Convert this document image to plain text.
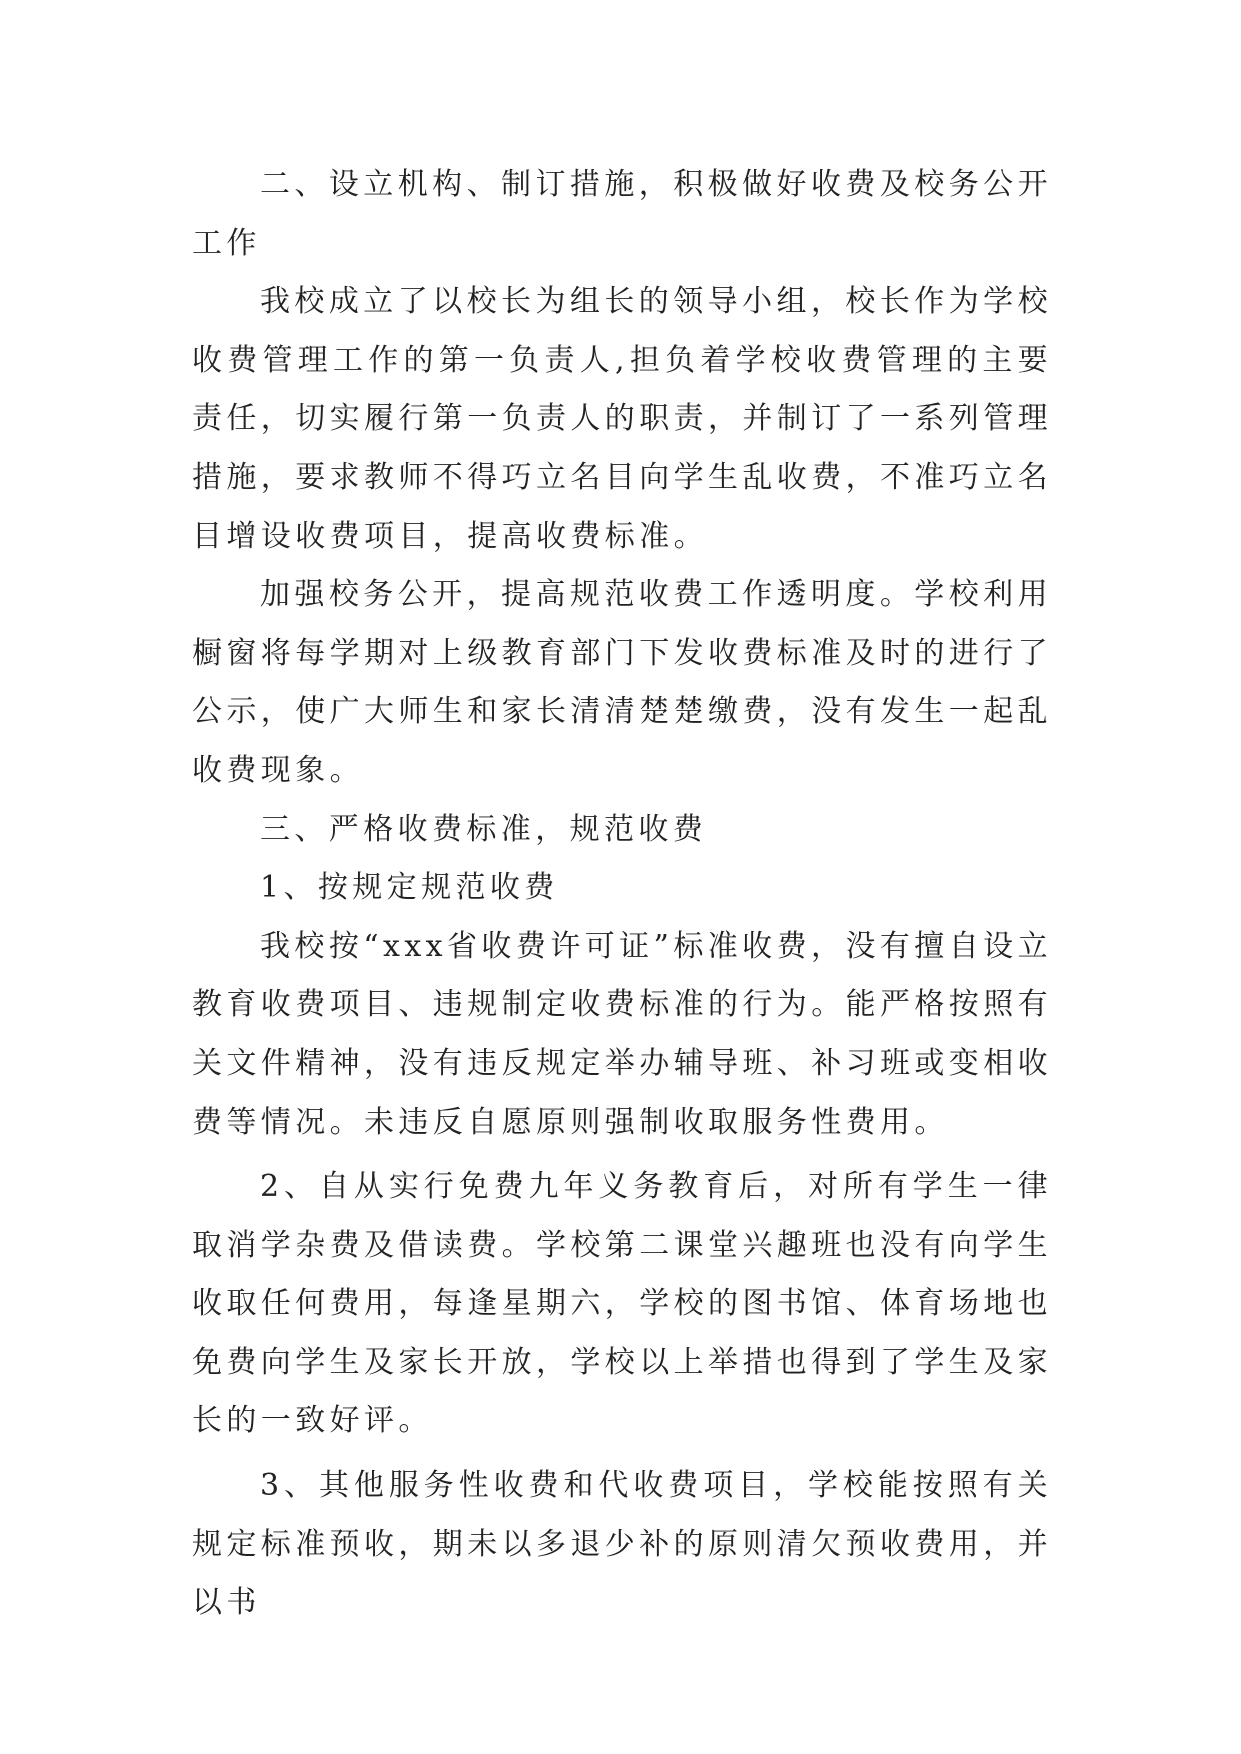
二、设立机构、制订措施，积极做好收费及校务公开工作

我校成立了以校长为组长的领导小组，校长作为学校收费管理工作的第一负责人,担负着学校收费管理的主要责任，切实履行第一负责人的职责，并制订了一系列管理措施，要求教师不得巧立名目向学生乱收费，不准巧立名目增设收费项目，提高收费标准。

加强校务公开，提高规范收费工作透明度。学校利用橱窗将每学期对上级教育部门下发收费标准及时的进行了公示，使广大师生和家长清清楚楚缴费，没有发生一起乱收费现象。

三、严格收费标准，规范收费

1、按规定规范收费

我校按“xxx省收费许可证”标准收费，没有擅自设立教育收费项目、违规制定收费标准的行为。能严格按照有关文件精神，没有违反规定举办辅导班、补习班或变相收费等情况。未违反自愿原则强制收取服务性费用。

2、自从实行免费九年义务教育后，对所有学生一律取消学杂费及借读费。学校第二课堂兴趣班也没有向学生收取任何费用，每逢星期六，学校的图书馆、体育场地也免费向学生及家长开放，学校以上举措也得到了学生及家长的一致好评。

3、其他服务性收费和代收费项目，学校能按照有关规定标准预收，期未以多退少补的原则清欠预收费用，并以书
